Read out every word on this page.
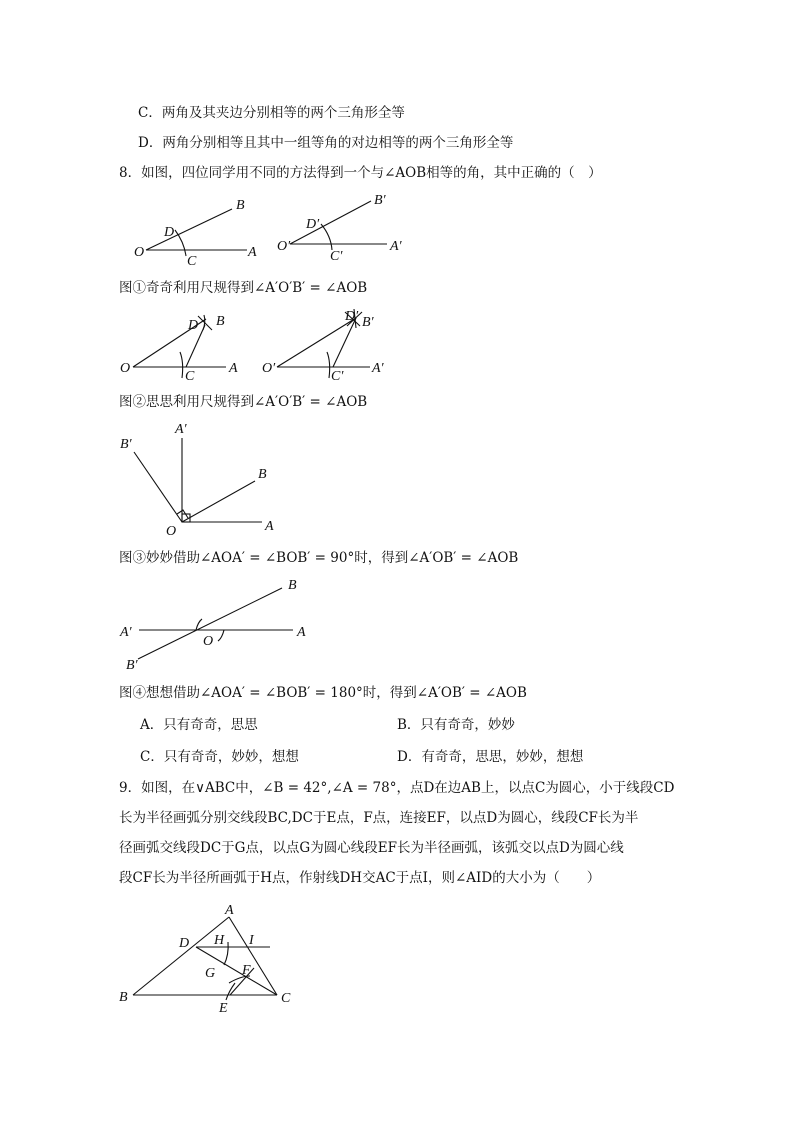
C．两角及其夹边分别相等的两个三角形全等
D．两角分别相等且其中一组等角的对边相等的两个三角形全等
8．如图，四位同学用不同的方法得到一个与∠AOB相等的角，其中正确的（　）
O	A
B
C
D
O′	A′
B′
C′
D′
图①奇奇利用尺规得到∠A′O′B′ = ∠AOB
O	A
B
C
D
O′	A′
B′
C′
D′
图②思思利用尺规得到∠A′O′B′ = ∠AOB
O	A
B
A′
B′
图③妙妙借助∠AOA′ = ∠BOB′ = 90°时，得到∠A′OB′ = ∠AOB
O
A
B
A′
B′
图④想想借助∠AOA′ = ∠BOB′ = 180°时，得到∠A′OB′ = ∠AOB
A．只有奇奇，思思	B．只有奇奇，妙妙
C．只有奇奇，妙妙，想想	D．有奇奇，思思，妙妙，想想
9．如图，在∨ABC中，∠B = 42°,∠A = 78°，点D在边AB上，以点C为圆心，小于线段CD
长为半径画弧分别交线段BC,DC于E点，F点，连接EF，以点D为圆心，线段CF长为半
径画弧交线段DC于G点，以点G为圆心线段EF长为半径画弧，该弧交以点D为圆心线
段CF长为半径所画弧于H点，作射线DH交AC于点I，则∠AID的大小为（　　）
A
B	C
D
E
F
G
H I
